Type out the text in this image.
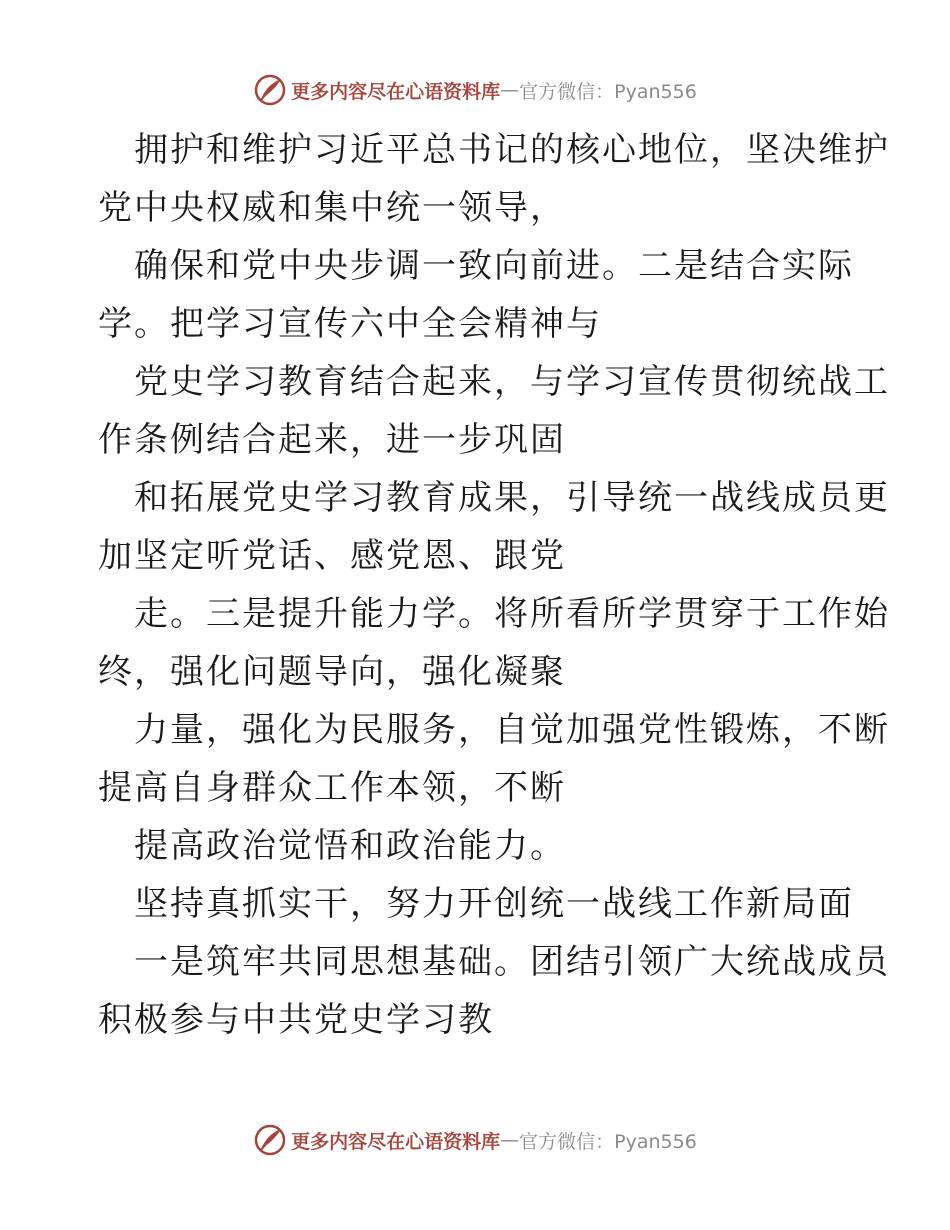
更多内容尽在心语资料库 — 官方微信：Pyan556
拥护和维护习近平总书记的核心地位，坚决维护
党中央权威和集中统一领导，
确保和党中央步调一致向前进。二是结合实际
学。把学习宣传六中全会精神与
党史学习教育结合起来，与学习宣传贯彻统战工
作条例结合起来，进一步巩固
和拓展党史学习教育成果，引导统一战线成员更
加坚定听党话、感党恩、跟党
走。三是提升能力学。将所看所学贯穿于工作始
终，强化问题导向，强化凝聚
力量，强化为民服务，自觉加强党性锻炼，不断
提高自身群众工作本领，不断
提高政治觉悟和政治能力。
坚持真抓实干，努力开创统一战线工作新局面
一是筑牢共同思想基础。团结引领广大统战成员
积极参与中共党史学习教
更多内容尽在心语资料库 — 官方微信：Pyan556
